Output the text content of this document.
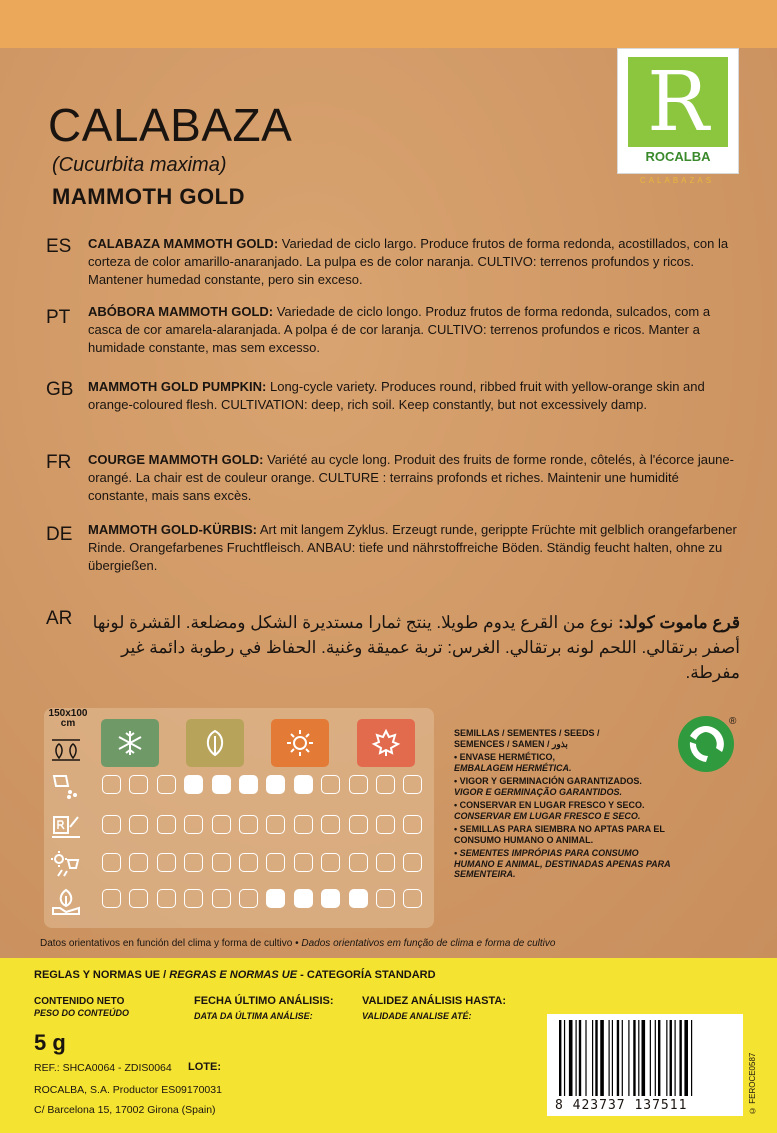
CALABAZA
(Cucurbita maxima)
MAMMOTH GOLD
R
ROCALBA
CALABAZAS
ES CALABAZA MAMMOTH GOLD: Variedad de ciclo largo. Produce frutos de forma redonda, acostillados, con la corteza de color amarillo-anaranjado. La pulpa es de color naranja. CULTIVO: terrenos profundos y ricos. Mantener humedad constante, pero sin exceso.
PT ABÓBORA MAMMOTH GOLD: Variedade de ciclo longo. Produz frutos de forma redonda, sulcados, com a casca de cor amarela-alaranjada. A polpa é de cor laranja. CULTIVO: terrenos profundos e ricos. Manter a humidade constante, mas sem excesso.
GB MAMMOTH GOLD PUMPKIN: Long-cycle variety. Produces round, ribbed fruit with yellow-orange skin and orange-coloured flesh. CULTIVATION: deep, rich soil. Keep constantly, but not excessively damp.
FR COURGE MAMMOTH GOLD: Variété au cycle long. Produit des fruits de forme ronde, côtelés, à l'écorce jaune-orangé. La chair est de couleur orange. CULTURE : terrains profonds et riches. Maintenir une humidité constante, mais sans excès.
DE MAMMOTH GOLD-KÜRBIS: Art mit langem Zyklus. Erzeugt runde, gerippte Früchte mit gelblich orangefarbener Rinde. Orangefarbenes Fruchtfleisch. ANBAU: tiefe und nährstoffreiche Böden. Ständig feucht halten, ohne zu übergießen.
AR	قرع ماموت كولد: نوع من القرع يدوم طويلا. ينتج ثمارا مستديرة الشكل ومضلعة. القشرة لونها أصفر برتقالي. اللحم لونه برتقالي. الغرس: تربة عميقة وغنية. الحفاظ في رطوبة دائمة غير مفرطة.
150x100 cm
SEMILLAS / SEMENTES / SEEDS /
SEMENCES / SAMEN / بذور
• ENVASE HERMÉTICO,
EMBALAGEM HERMÉTICA.
• VIGOR Y GERMINACIÓN GARANTIZADOS.
VIGOR E GERMINAÇÃO GARANTIDOS.
• CONSERVAR EN LUGAR FRESCO Y SECO.
CONSERVAR EM LUGAR FRESCO E SECO.
• SEMILLAS PARA SIEMBRA NO APTAS PARA EL CONSUMO HUMANO O ANIMAL.
• SEMENTES IMPRÓPIAS PARA CONSUMO HUMANO E ANIMAL, DESTINADAS APENAS PARA SEMENTEIRA.
®
Datos orientativos en función del clima y forma de cultivo • Dados orientativos em função de clima e forma de cultivo
REGLAS Y NORMAS UE / REGRAS E NORMAS UE - CATEGORÍA STANDARD
CONTENIDO NETO
PESO DO CONTEÚDO
5 g
FECHA ÚLTIMO ANÁLISIS:
DATA DA ÚLTIMA ANÁLISE:
VALIDEZ ANÁLISIS HASTA:
VALIDADE ANALISE ATÉ:
REF.: SHCA0064 - ZDIS0064 LOTE:
ROCALBA, S.A. Productor ES09170031
C/ Barcelona 15, 17002 Girona (Spain)	8 423737 137511	© FEROCE0587
